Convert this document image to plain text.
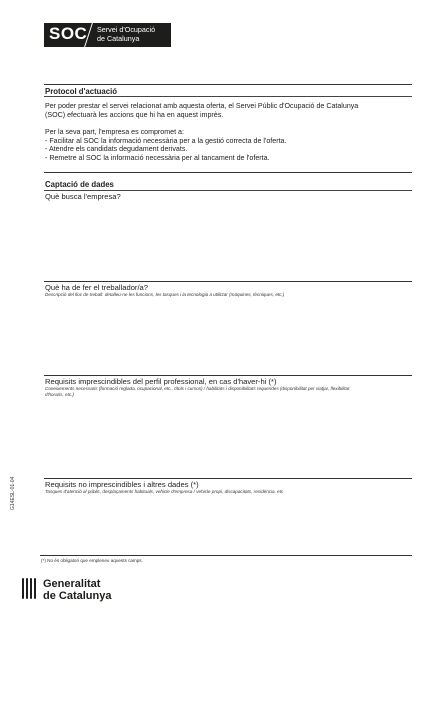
SOC Servei d'Ocupació
de Catalunya
Protocol d'actuació
Per poder prestar el servei relacionat amb aquesta oferta, el Servei Públic d'Ocupació de Catalunya
(SOC) efectuarà les accions que hi ha en aquest imprès.
Per la seva part, l'empresa es compromet a:
- Facilitar al SOC la informació necessària per a la gestió correcta de l'oferta.
- Atendre els candidats degudament derivats.
- Remetre al SOC la informació necessària per al tancament de l'oferta.
Captació de dades
Què busca l'empresa?
Què ha de fer el treballador/a?
Descripció del lloc de treball: detalleu-ne les funcions, les tasques i la tecnologia a utilitzar (màquines, tècniques, etc.)
Requisits imprescindibles del perfil professional, en cas d'haver-hi (*)
Coneixements necessaris (formació reglada, ocupacional, etc., títols i cursos) / habilitats i disponibilitats requerides (disponibilitat per viatjar, flexibilitat
d'horaris, etc.)
Requisits no imprescindibles i altres dades (*)
Tasques d'atenció al públic, desplaçaments habituals, vehicle d'empresa / vehicle propi, discapacitats, residència, etc
(*) No és obligatori que empleneu aquests camps.
G14ESL-01-04
Generalitat
de Catalunya
